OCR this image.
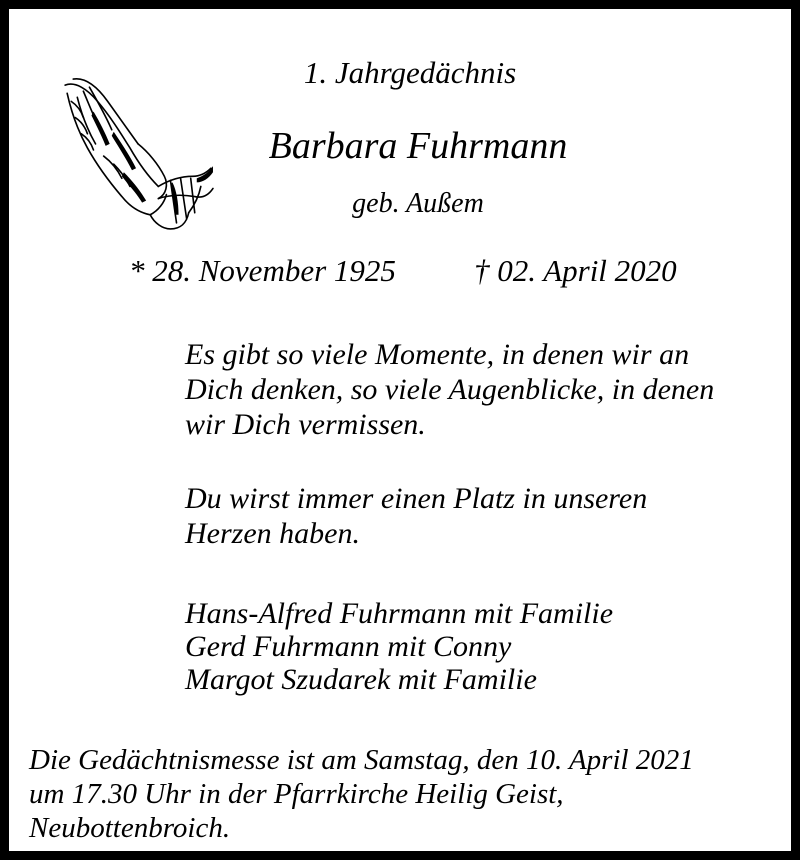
1. Jahrgedächnis

Barbara Fuhrmann

geb. Außem

* 28. November 1925	† 02. April 2020

Es gibt so viele Momente, in denen wir an
Dich denken, so viele Augenblicke, in denen
wir Dich vermissen.
Du wirst immer einen Platz in unseren
Herzen haben.
Hans-Alfred Fuhrmann mit Familie
Gerd Fuhrmann mit Conny
Margot Szudarek mit Familie
Die Gedächtnismesse ist am Samstag, den 10. April 2021
um 17.30 Uhr in der Pfarrkirche Heilig Geist,
Neubottenbroich.
